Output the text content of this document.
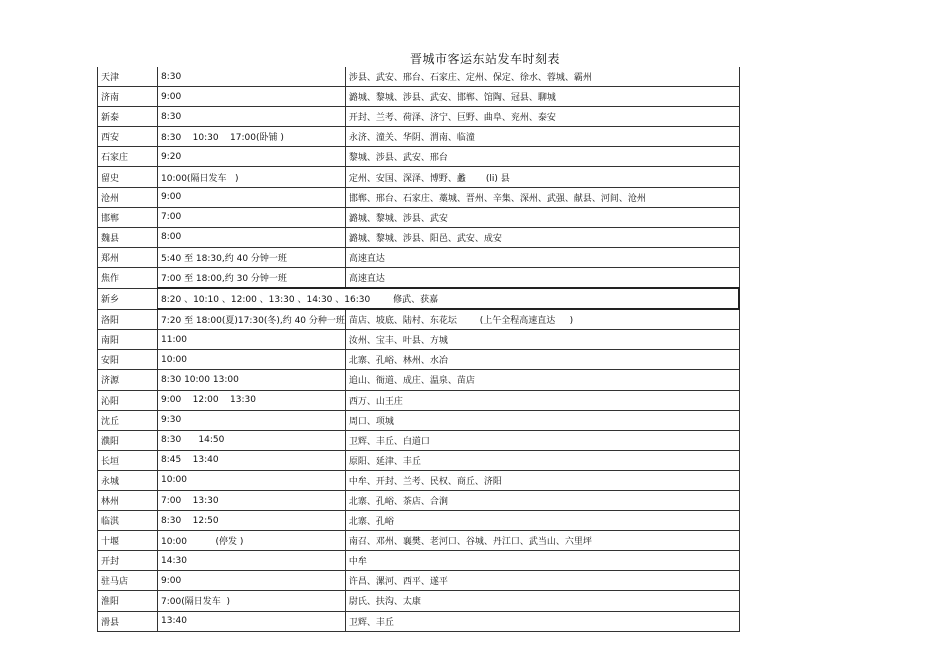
晋城市客运东站发车时刻表
天津	8:30	涉县、武安、邢台、石家庄、定州、保定、徐水、蓉城、霸州
济南	9:00	潞城、黎城、涉县、武安、邯郸、馆陶、冠县、聊城
新泰	8:30	开封、兰考、荷泽、济宁、巨野、曲阜、兖州、泰安
西安	8:30    10:30    17:00(卧铺 )	永济、潼关、华阴、渭南、临潼
石家庄	9:20	黎城、涉县、武安、邢台
留史	10:00(隔日发车   )	定州、安国、深泽、博野、蠡       (li) 县
沧州	9:00	邯郸、邢台、石家庄、藁城、晋州、辛集、深州、武强、献县、河间、沧州
邯郸	7:00	潞城、黎城、涉县、武安
魏县	8:00	潞城、黎城、涉县、阳邑、武安、成安
郑州	5:40 至 18:30,约 40 分钟一班	高速直达
焦作	7:00 至 18:00,约 30 分钟一班	高速直达
新乡	8:20 、10:10 、12:00 、13:30 、14:30 、16:30        修武、获嘉	
洛阳	7:20 至 18:00(夏)17:30(冬),约 40 分种一班	苗店、坡底、陆村、东花坛        (上午全程高速直达     )
南阳	11:00	汝州、宝丰、叶县、方城
安阳	10:00	北寨、孔峪、林州、水冶
济源	8:30 10:00 13:00	追山、衙道、成庄、温泉、苗店
沁阳	9:00    12:00    13:30	西万、山王庄
沈丘	9:30	周口、项城
濮阳	8:30      14:50	卫辉、丰丘、白道口
长垣	8:45    13:40	原阳、延津、丰丘
永城	10:00	中牟、开封、兰考、民权、商丘、济阳
林州	7:00    13:30	北寨、孔峪、茶店、合涧
临淇	8:30    12:50	北寨、孔峪
十堰	10:00          (停发 )	南召、邓州、襄樊、老河口、谷城、丹江口、武当山、六里坪
开封	14:30	中牟
驻马店	9:00	许昌、漯河、西平、遂平
淮阳	7:00(隔日发车  )	尉氏、扶沟、太康
滑县	13:40	卫辉、丰丘
